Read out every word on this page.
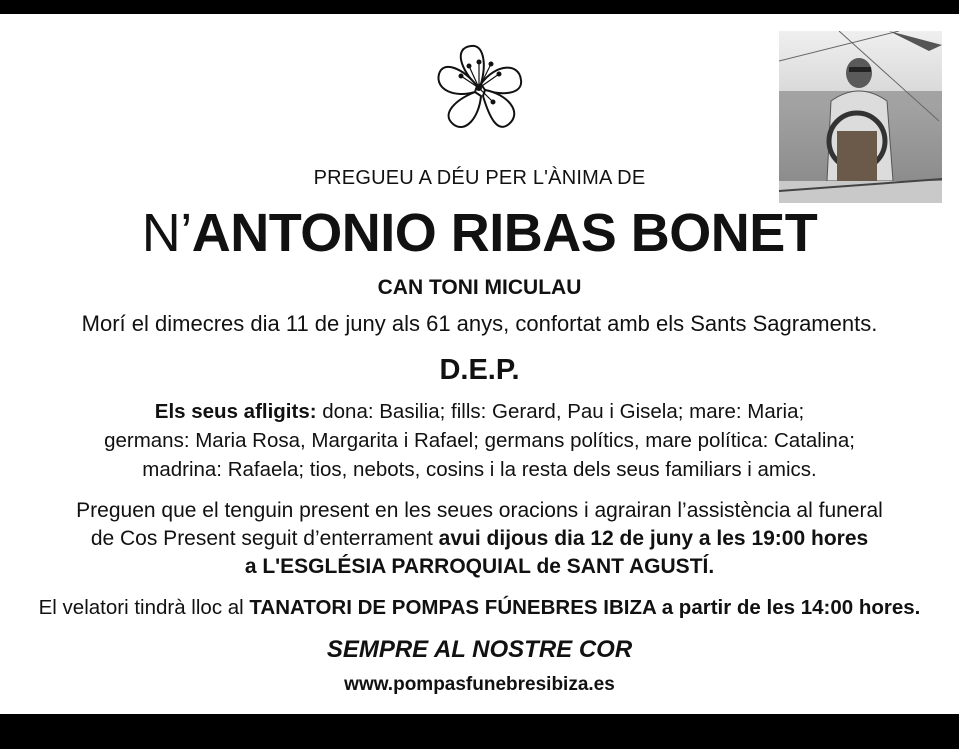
PREGUEU A DÉU PER L'ÀNIMA DE
N’ANTONIO RIBAS BONET
CAN TONI MICULAU
Morí el dimecres dia 11 de juny als 61 anys, confortat amb els Sants Sagraments.
D.E.P.
Els seus afligits: dona: Basilia; fills: Gerard, Pau i Gisela; mare: Maria;
germans: Maria Rosa, Margarita i Rafael; germans polítics, mare política: Catalina;
madrina: Rafaela; tios, nebots, cosins i la resta dels seus familiars i amics.
Preguen que el tenguin present en les seues oracions i agrairan l’assistència al funeral
de Cos Present seguit d’enterrament avui dijous dia 12 de juny a les 19:00 hores
a L'ESGLÉSIA PARROQUIAL de SANT AGUSTÍ.
El velatori tindrà lloc al TANATORI DE POMPAS FÚNEBRES IBIZA a partir de les 14:00 hores.
SEMPRE AL NOSTRE COR
www.pompasfunebresibiza.es
